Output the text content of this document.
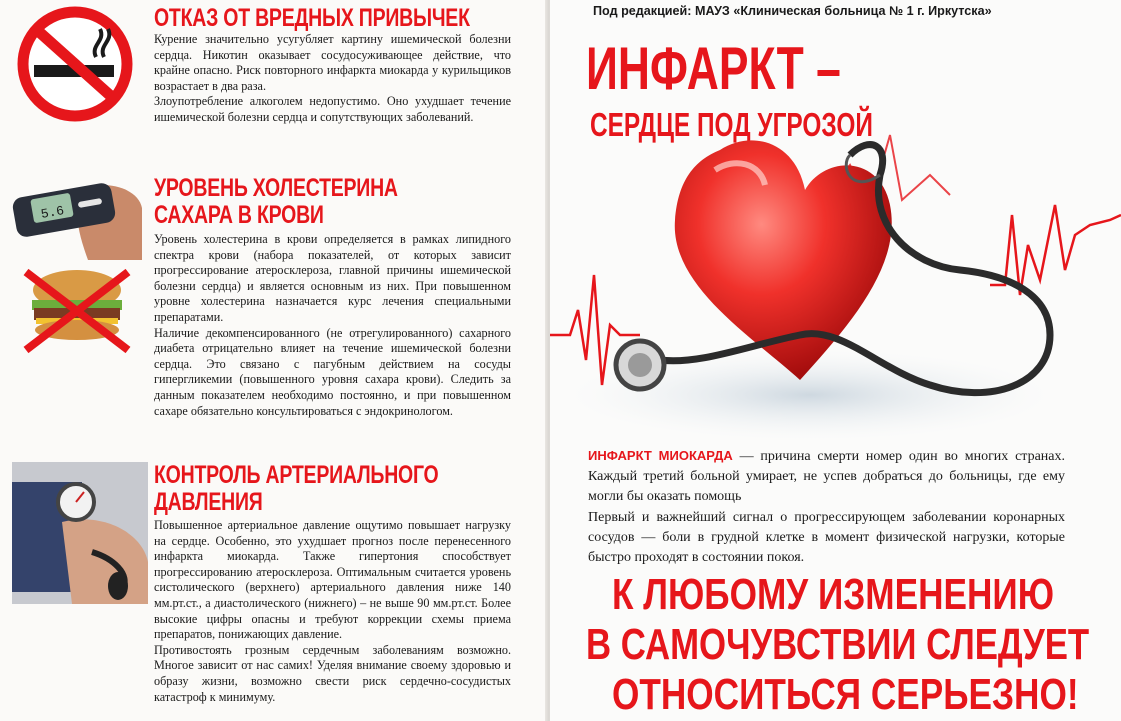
ОТКАЗ ОТ ВРЕДНЫХ ПРИВЫЧЕК

Курение значительно усугубляет картину ишемической болезни сердца. Никотин оказывает сосудосуживающее действие, что крайне опасно. Риск повторного инфаркта миокарда у курильщиков возрастает в два раза.

Злоупотребление алкоголем недопустимо. Оно ухудшает течение ишемической болезни сердца и сопутствующих заболеваний.

5.6
УРОВЕНЬ ХОЛЕСТЕРИНА
САХАРА В КРОВИ

Уровень холестерина в крови определяется в рамках липидного спектра крови (набора показателей, от которых зависит прогрессирование атеросклероза, главной причины ишемической болезни сердца) и является основным из них. При повышенном уровне холестерина назначается курс лечения специальными препаратами.

Наличие декомпенсированного (не отрегулированного) сахарного диабета отрицательно влияет на течение ишемической болезни сердца. Это связано с пагубным действием на сосуды гипергликемии (повышенного уровня сахара крови). Следить за данным показателем необходимо постоянно, и при повышенном сахаре обязательно консультироваться с эндокринологом.

КОНТРОЛЬ АРТЕРИАЛЬНОГО
ДАВЛЕНИЯ

Повышенное артериальное давление ощутимо повышает нагрузку на сердце. Особенно, это ухудшает прогноз после перенесенного инфаркта миокарда. Также гипертония способствует прогрессированию атеросклероза. Оптимальным считается уровень систолического (верхнего) артериального давления ниже 140 мм.рт.ст., а диастолического (нижнего) – не выше 90 мм.рт.ст. Более высокие цифры опасны и требуют коррекции схемы приема препаратов, понижающих давление.

Противостоять грозным сердечным заболеваниям возможно. Многое зависит от нас самих! Уделяя внимание своему здоровью и образу жизни, возможно свести риск сердечно-сосудистых катастроф к минимуму.

Под редакцией: МАУЗ «Клиническая больница № 1 г. Иркутска»
ИНФАРКТ –
СЕРДЦЕ ПОД УГРОЗОЙ
ИНФАРКТ МИОКАРДА — причина смерти номер один во многих странах. Каждый третий больной умирает, не успев добраться до больницы, где ему могли бы оказать помощь
Первый и важнейший сигнал о прогрессирующем заболевании коронарных сосудов — боли в грудной клетке в момент физической нагрузки, которые быстро проходят в состоянии покоя.
К ЛЮБОМУ ИЗМЕНЕНИЮ
В САМОЧУВСТВИИ СЛЕДУЕТ
ОТНОСИТЬСЯ СЕРЬЕЗНО!
